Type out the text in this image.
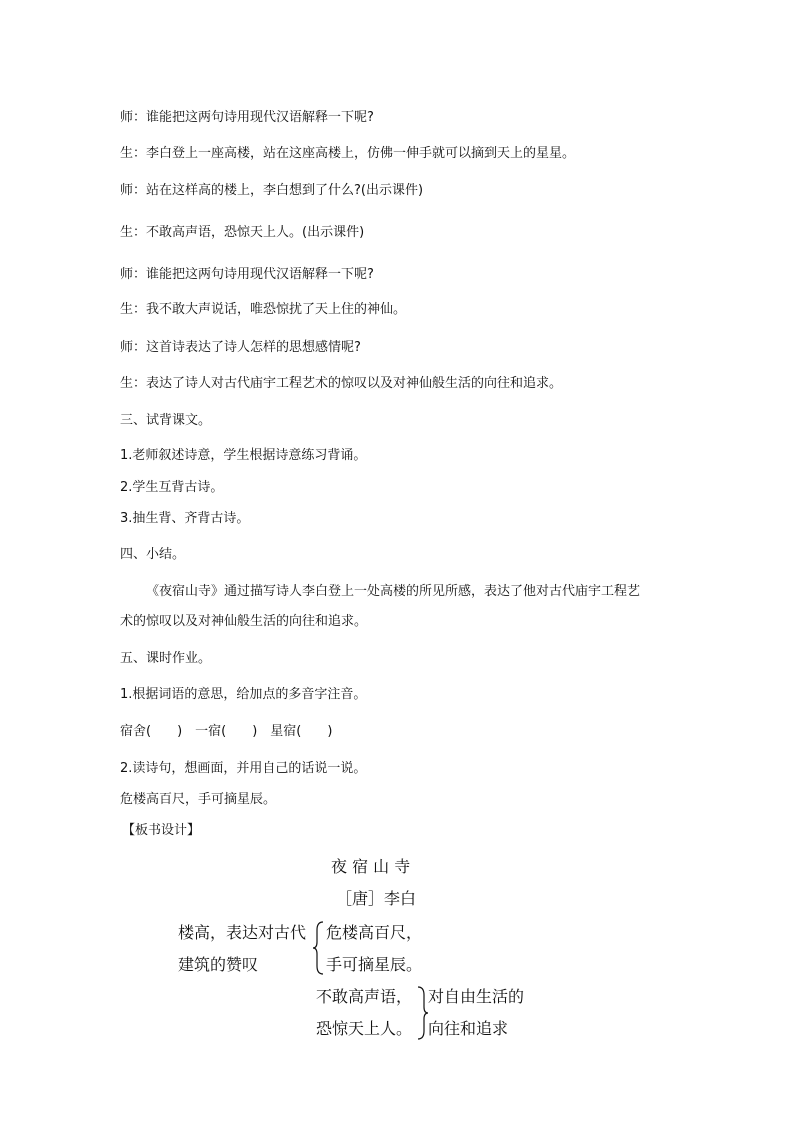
师：谁能把这两句诗用现代汉语解释一下呢?
生：李白登上一座高楼，站在这座高楼上，仿佛一伸手就可以摘到天上的星星。
师：站在这样高的楼上，李白想到了什么?(出示课件)
生：不敢高声语，恐惊天上人。(出示课件)
师：谁能把这两句诗用现代汉语解释一下呢?
生：我不敢大声说话，唯恐惊扰了天上住的神仙。
师：这首诗表达了诗人怎样的思想感情呢?
生：表达了诗人对古代庙宇工程艺术的惊叹以及对神仙般生活的向往和追求。
三、试背课文。
1.老师叙述诗意，学生根据诗意练习背诵。
2.学生互背古诗。
3.抽生背、齐背古诗。
四、小结。
《夜宿山寺》通过描写诗人李白登上一处高楼的所见所感，表达了他对古代庙宇工程艺
术的惊叹以及对神仙般生活的向往和追求。
五、课时作业。
1.根据词语的意思，给加点的多音字注音。
宿舍(　　)　一宿(　　)　星宿(　　)
2.读诗句，想画面，并用自己的话说一说。
危楼高百尺，手可摘星辰。
【板书设计】
夜 宿 山 寺
［唐］李白
楼高，表达对古代
建筑的赞叹
危楼高百尺，
手可摘星辰。
不敢高声语，
恐惊天上人。
对自由生活的
向往和追求
